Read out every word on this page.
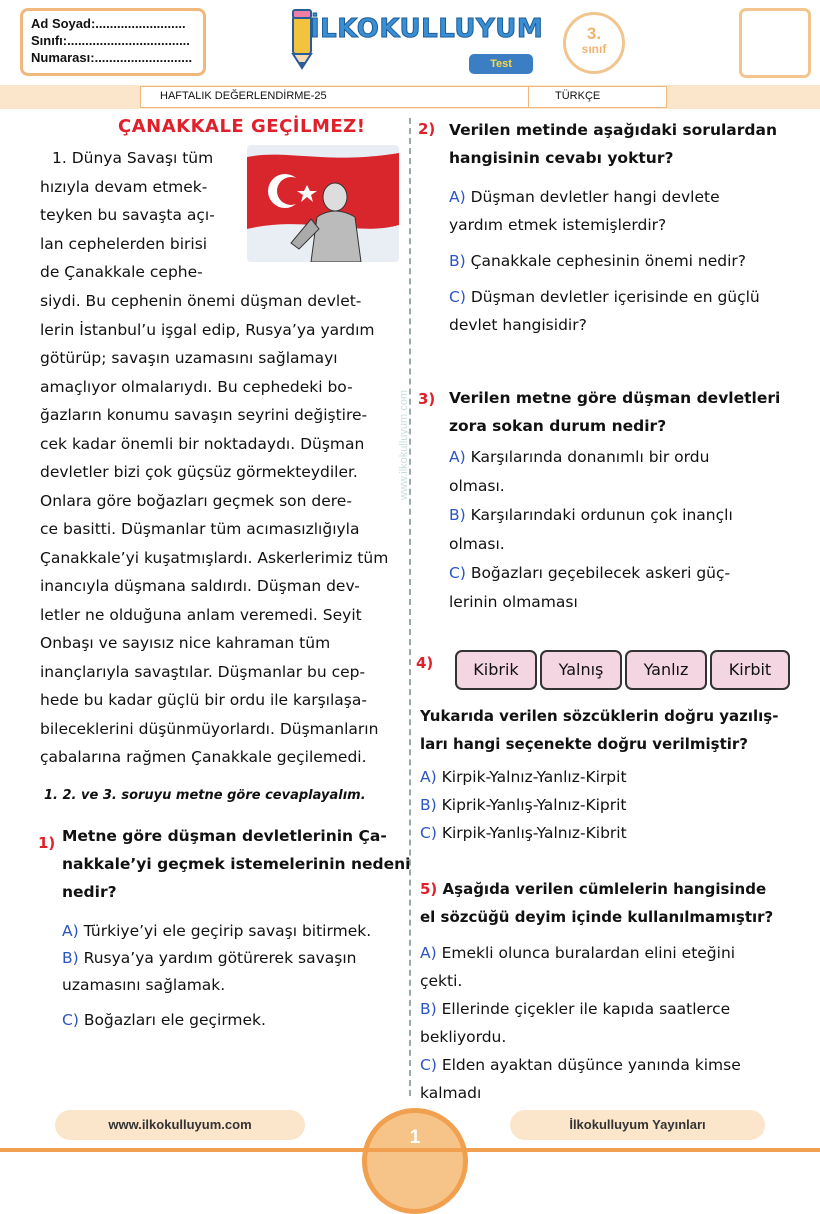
Ad Soyad:.........................
Sınıfı:..................................
Numarası:...........................
İLKOKULLUYUM
Test
3.
sınıf
HAFTALIK DEĞERLENDİRME-25	TÜRKÇE
ÇANAKKALE GEÇİLMEZ!
1. Dünya Savaşı tüm
hızıyla devam etmek-
teyken bu savaşta açı-
lan cephelerden birisi
de Çanakkale cephe-
siydi. Bu cephenin önemi düşman devlet-
lerin İstanbul’u işgal edip, Rusya’ya yardım
götürüp; savaşın uzamasını sağlamayı
amaçlıyor olmalarıydı. Bu cephedeki bo-
ğazların konumu savaşın seyrini değiştire-
cek kadar önemli bir noktadaydı. Düşman
devletler bizi çok güçsüz görmekteydiler.
Onlara göre boğazları geçmek son dere-
ce basitti. Düşmanlar tüm acımasızlığıyla
Çanakkale’yi kuşatmışlardı. Askerlerimiz tüm
inancıyla düşmana saldırdı. Düşman dev-
letler ne olduğuna anlam veremedi. Seyit
Onbaşı ve sayısız nice kahraman tüm
inançlarıyla savaştılar. Düşmanlar bu cep-
hede bu kadar güçlü bir ordu ile karşılaşa-
bileceklerini düşünmüyorlardı. Düşmanların
çabalarına rağmen Çanakkale geçilemedi.
www.ilkokulluyum.com
1. 2. ve 3. soruyu metne göre cevaplayalım.
1) Metne göre düşman devletlerinin Ça-
nakkale’yi geçmek istemelerinin nedeni
nedir?
A) Türkiye’yi ele geçirip savaşı bitirmek.
B) Rusya’ya yardım götürerek savaşın
uzamasını sağlamak.
C) Boğazları ele geçirmek.
2) Verilen metinde aşağıdaki sorulardan
hangisinin cevabı yoktur?
A) Düşman devletler hangi devlete
yardım etmek istemişlerdir?
B) Çanakkale cephesinin önemi nedir?
C) Düşman devletler içerisinde en güçlü
devlet hangisidir?
3) Verilen metne göre düşman devletleri
zora sokan durum nedir?
A) Karşılarında donanımlı bir ordu
olması.
B) Karşılarındaki ordunun çok inançlı
olması.
C) Boğazları geçebilecek askeri güç-
lerinin olmaması
4)	Kibrik	Yalnış	Yanlız	Kirbit
Yukarıda verilen sözcüklerin doğru yazılış-
ları hangi seçenekte doğru verilmiştir?
A) Kirpik-Yalnız-Yanlız-Kirpit
B) Kiprik-Yanlış-Yalnız-Kiprit
C) Kirpik-Yanlış-Yalnız-Kibrit
5) Aşağıda verilen cümlelerin hangisinde
el sözcüğü deyim içinde kullanılmamıştır?
A) Emekli olunca buralardan elini eteğini
çekti.
B) Ellerinde çiçekler ile kapıda saatlerce
bekliyordu.
C) Elden ayaktan düşünce yanında kimse
kalmadı
www.ilkokulluyum.com	İlkokulluyum Yayınları
1
